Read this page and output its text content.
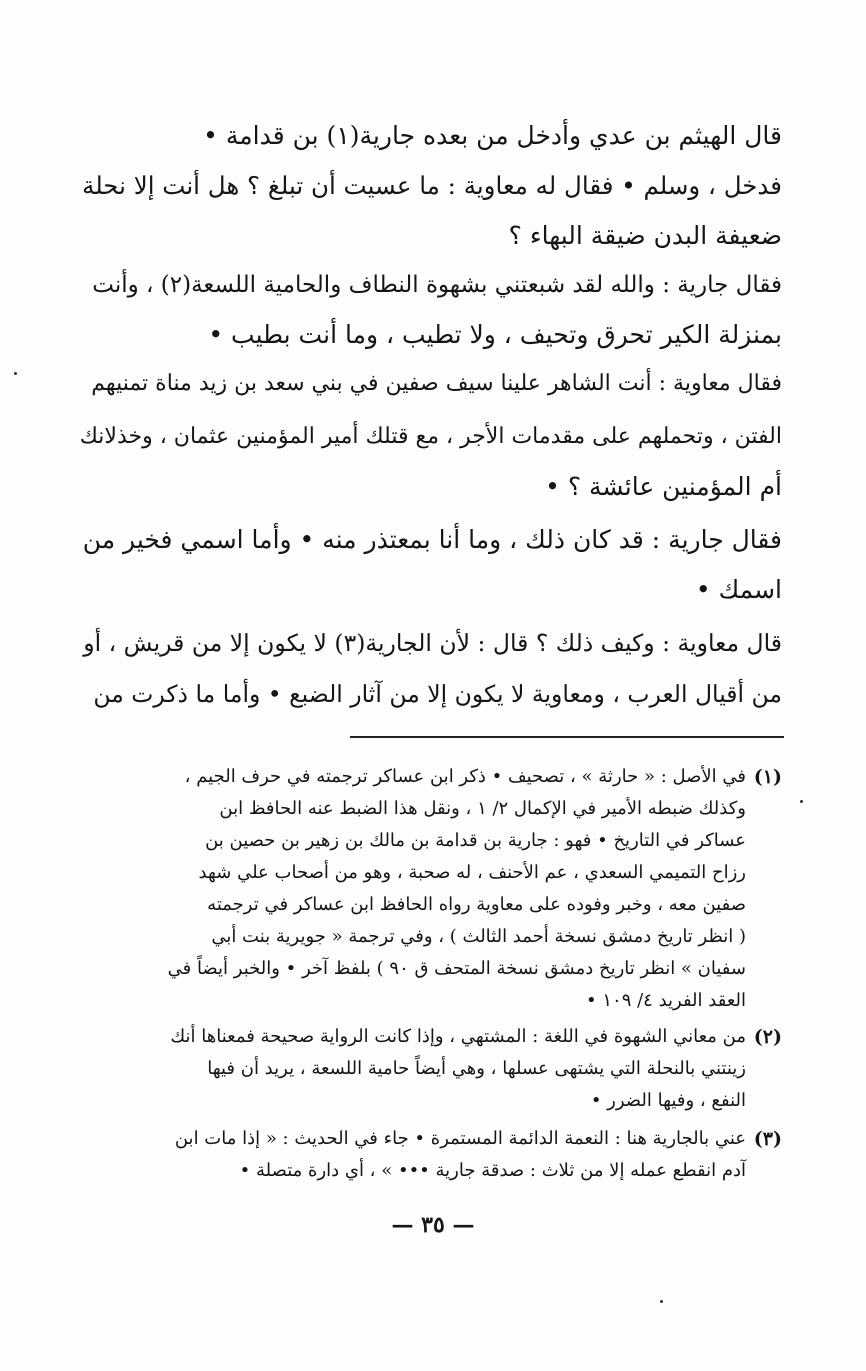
قال الهيثم بن عدي وأدخل من بعده جارية(١) بن قدامة •
فدخل ، وسلم • فقال له معاوية : ما عسيت أن تبلغ ؟ هل أنت إلا نحلة
ضعيفة البدن ضيقة البهاء ؟
فقال جارية : والله لقد شبعتني بشهوة النطاف والحامية اللسعة(٢) ، وأنت
بمنزلة الكير تحرق وتحيف ، ولا تطيب ، وما أنت بطيب •
فقال معاوية : أنت الشاهر علينا سيف صفين في بني سعد بن زيد مناة تمنيهم
الفتن ، وتحملهم على مقدمات الأجر ، مع قتلك أمير المؤمنين عثمان ، وخذلانك
أم المؤمنين عائشة ؟ •
فقال جارية : قد كان ذلك ، وما أنا بمعتذر منه • وأما اسمي فخير من
اسمك •
قال معاوية : وكيف ذلك ؟ قال : لأن الجارية(٣) لا يكون إلا من قريش ، أو
من أقيال العرب ، ومعاوية لا يكون إلا من آثار الضبع • وأما ما ذكرت من
(١)
في الأصل : « حارثة » ، تصحيف • ذكر ابن عساكر ترجمته في حرف الجيم ،
وكذلك ضبطه الأمير في الإكمال ٢/ ١ ، ونقل هذا الضبط عنه الحافظ ابن
عساكر في التاريخ • فهو : جارية بن قدامة بن مالك بن زهير بن حصين بن
رزاح التميمي السعدي ، عم الأحنف ، له صحبة ، وهو من أصحاب علي شهد
صفين معه ، وخبر وفوده على معاوية رواه الحافظ ابن عساكر في ترجمته
( انظر تاريخ دمشق نسخة أحمد الثالث ) ، وفي ترجمة « جويرية بنت أبي
سفيان » انظر تاريخ دمشق نسخة المتحف ق ٩٠ ) بلفظ آخر • والخبر أيضاً في
العقد الفريد ٤/ ١٠٩ •
(٢)
من معاني الشهوة في اللغة : المشتهي ، وإذا كانت الرواية صحيحة فمعناها أنك
زينتني بالنحلة التي يشتهى عسلها ، وهي أيضاً حامية اللسعة ، يريد أن فيها
النفع ، وفيها الضرر •
(٣)
عني بالجارية هنا : النعمة الدائمة المستمرة • جاء في الحديث : « إذا مات ابن
آدم انقطع عمله إلا من ثلاث : صدقة جارية ••• » ، أي دارة متصلة •
— ٣٥ —
